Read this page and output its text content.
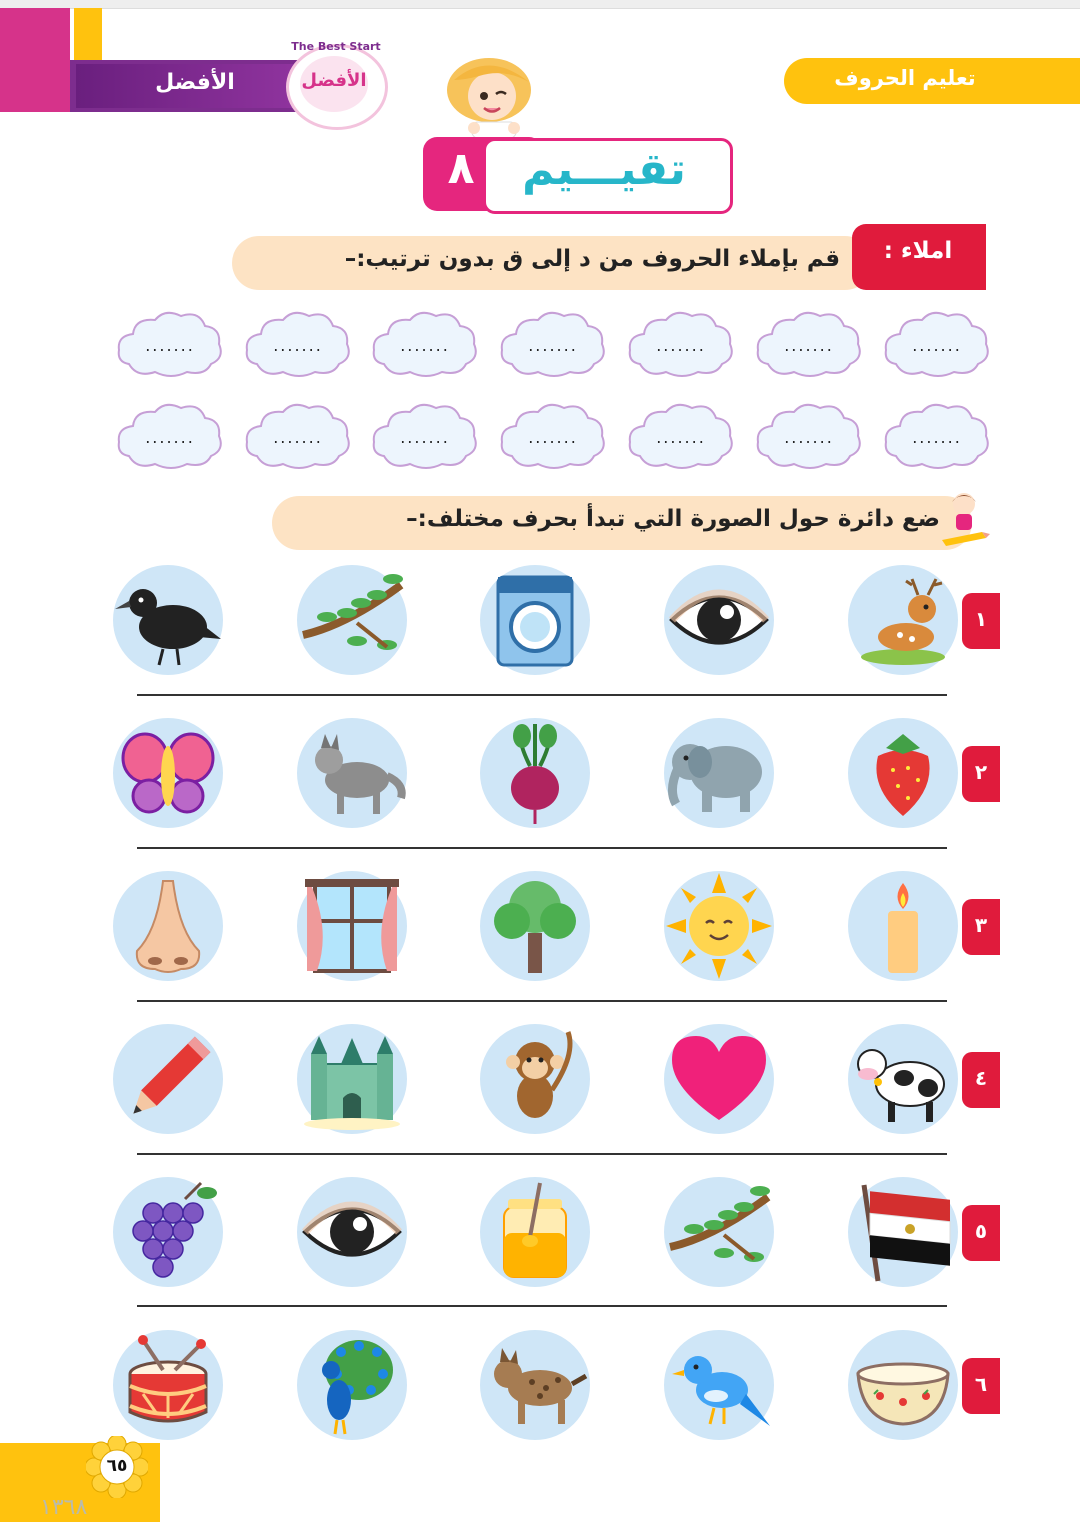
الأفضل
The Best Start
الأفضل	تعليم الحروف
٨	تقيـــيم
قم بإملاء الحروف من د إلى ق بدون ترتيب:–	املاء :
.......
.......
.......
.......
.......
.......
.......
.......
.......
.......
.......
.......
.......
.......
ضع دائرة حول الصورة التي تبدأ بحرف مختلف:–
١
٢
٣
٤
٥
٦
٦٥
١٣٦٨
